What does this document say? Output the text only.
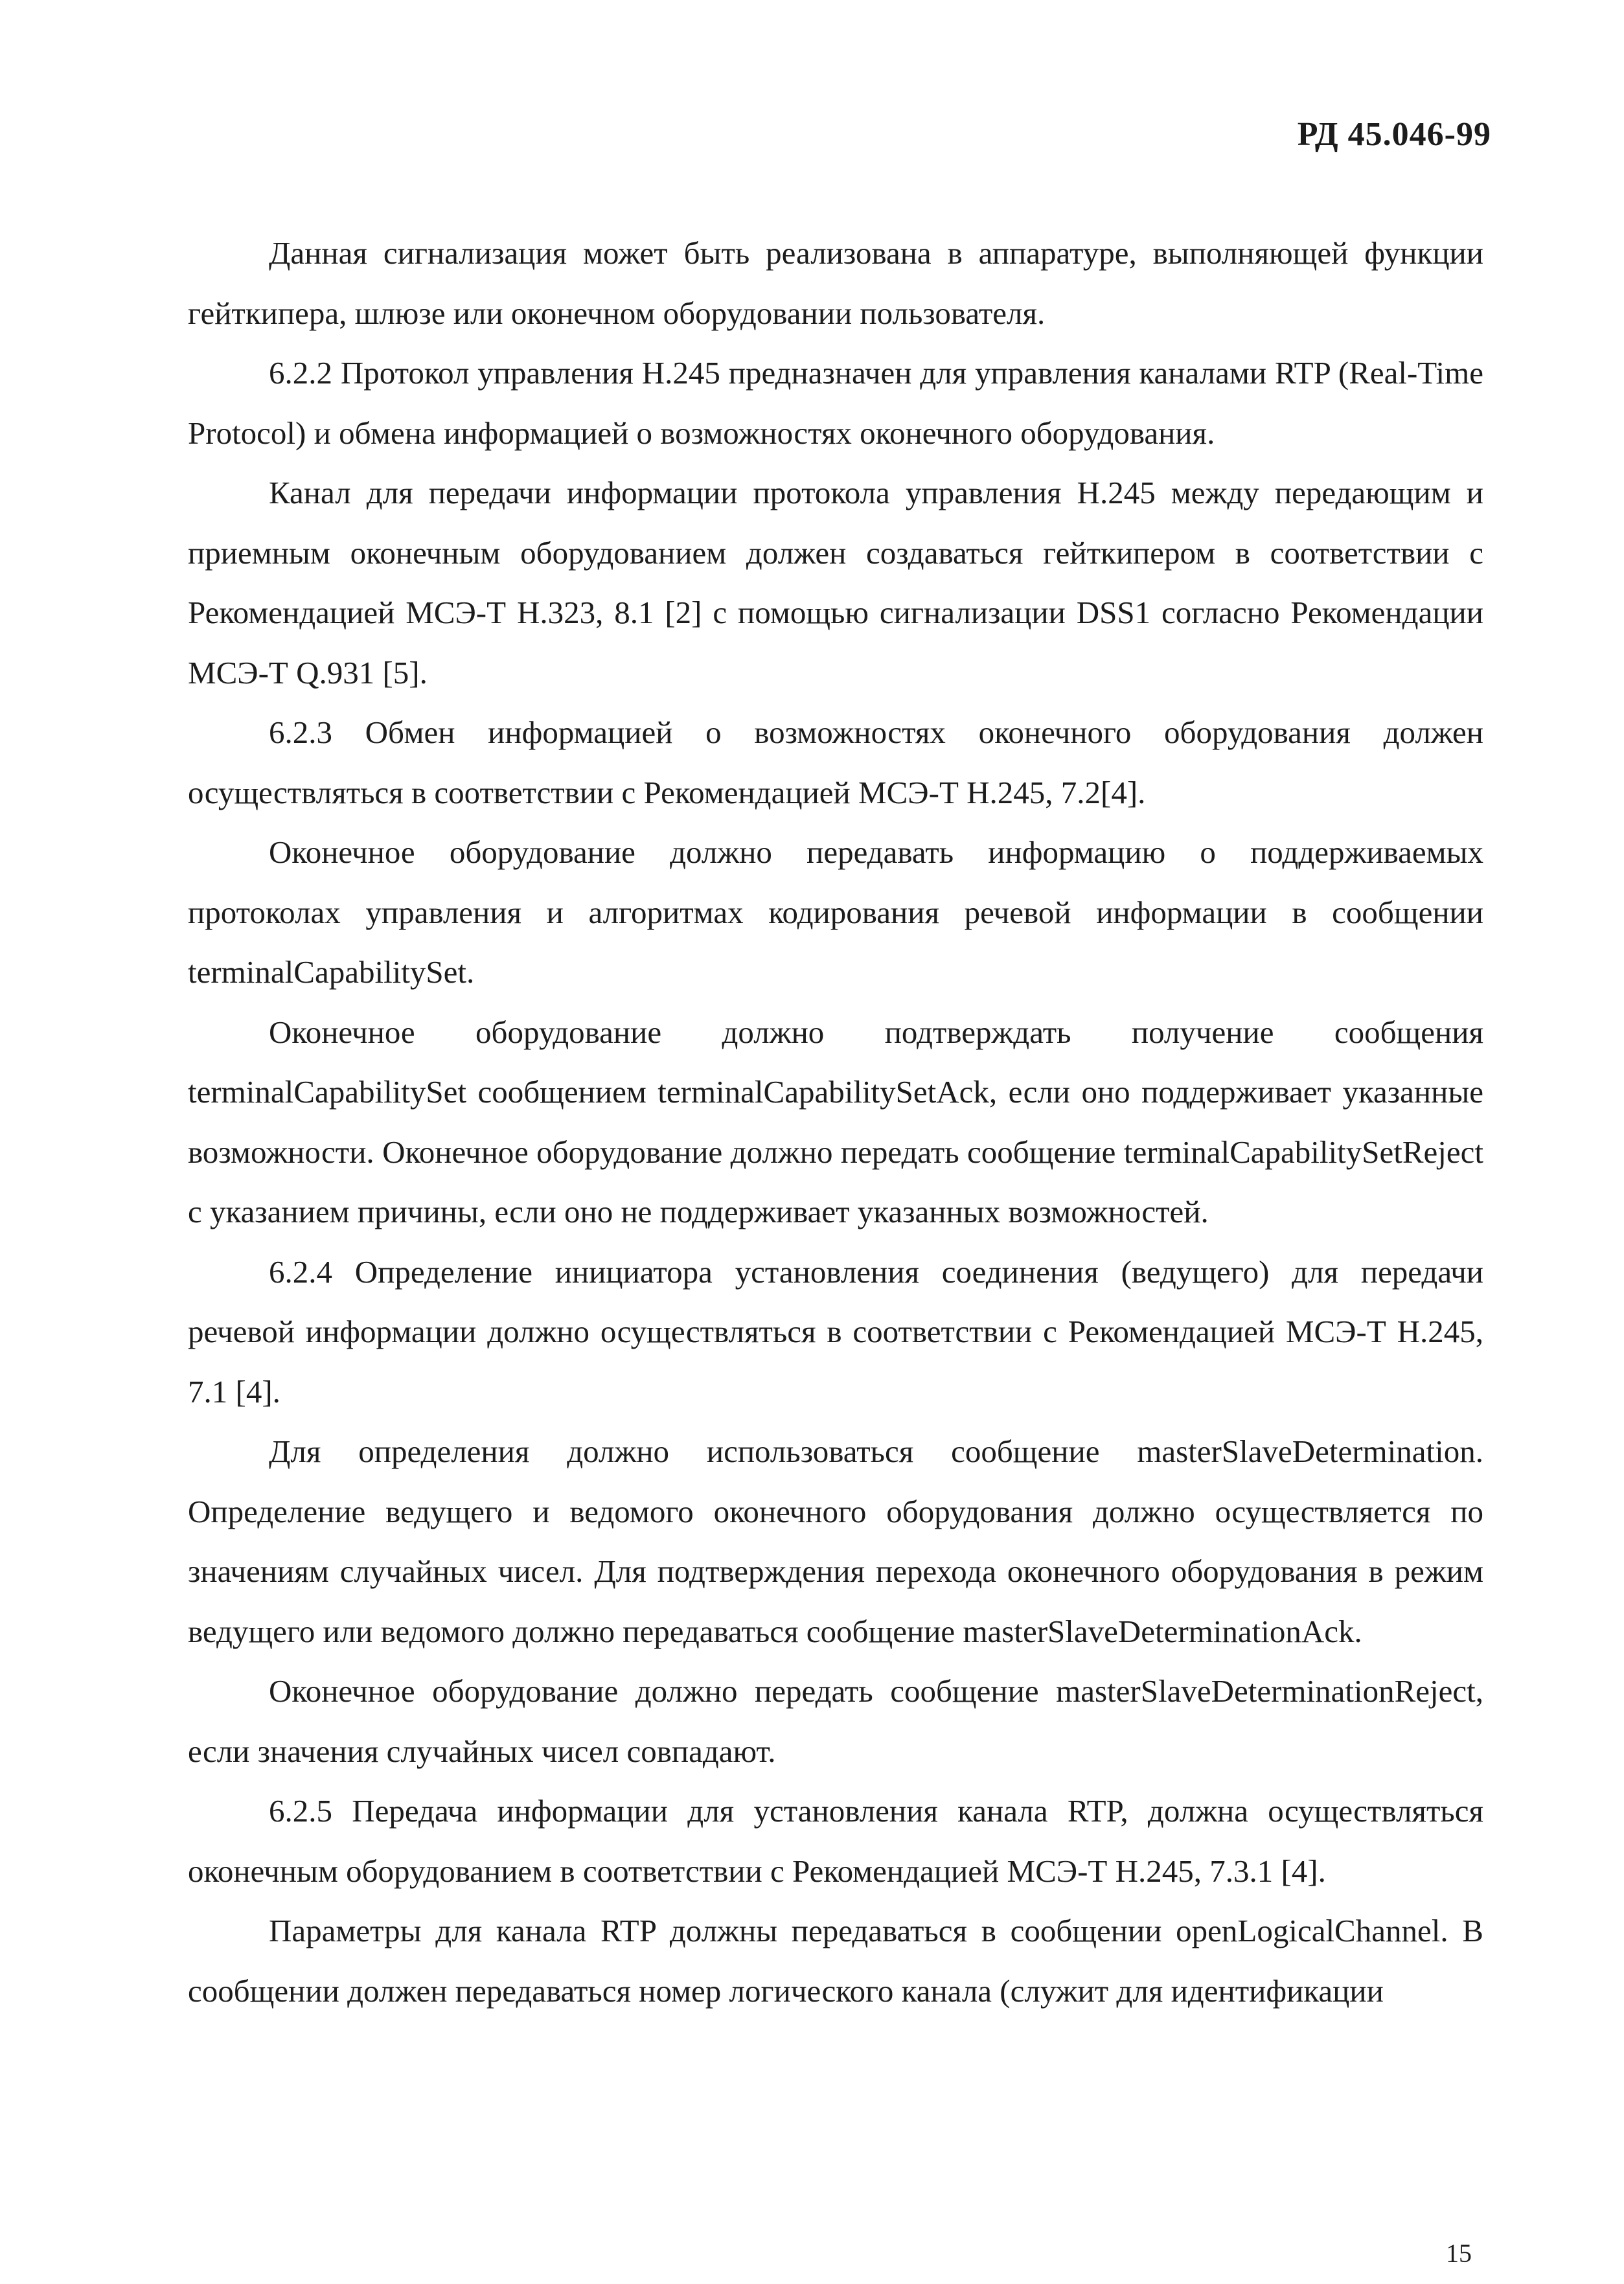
РД 45.046-99

Данная сигнализация может быть реализована в аппаратуре, выполняющей функции гейткипера, шлюзе или оконечном оборудовании пользователя.

6.2.2 Протокол управления H.245 предназначен для управления каналами RTP (Real-Time Protocol) и обмена информацией о возможностях оконечного оборудования.

Канал для передачи информации протокола управления H.245 между передающим и приемным оконечным оборудованием должен создаваться гейткипером в соответствии с Рекомендацией МСЭ-Т H.323, 8.1 [2] с помощью сигнализации DSS1 согласно Рекомендации МСЭ-Т Q.931 [5].

6.2.3 Обмен информацией о возможностях оконечного оборудования должен осуществляться в соответствии с Рекомендацией МСЭ-Т H.245, 7.2[4].

Оконечное оборудование должно передавать информацию о поддерживаемых протоколах управления и алгоритмах кодирования речевой информации в сообщении terminalCapabilitySet.

Оконечное оборудование должно подтверждать получение сообщения terminalCapabilitySet сообщением terminalCapabilitySetAck, если оно поддерживает указанные возможности. Оконечное оборудование должно передать сообщение terminalCapabilitySetReject с указанием причины, если оно не поддерживает указанных возможностей.

6.2.4 Определение инициатора установления соединения (ведущего) для передачи речевой информации должно осуществляться в соответствии с Рекомендацией МСЭ-Т H.245, 7.1 [4].

Для определения должно использоваться сообщение masterSlaveDetermination. Определение ведущего и ведомого оконечного оборудования должно осуществляется по значениям случайных чисел. Для подтверждения перехода оконечного оборудования в режим ведущего или ведомого должно передаваться сообщение masterSlaveDeterminationAck.

Оконечное оборудование должно передать сообщение masterSlaveDeterminationReject, если значения случайных чисел совпадают.

6.2.5 Передача информации для установления канала RTP, должна осуществляться оконечным оборудованием в соответствии с Рекомендацией МСЭ-Т H.245, 7.3.1 [4].

Параметры для канала RTP должны передаваться в сообщении openLogicalChannel. В сообщении должен передаваться номер логического канала (служит для идентификации

15
